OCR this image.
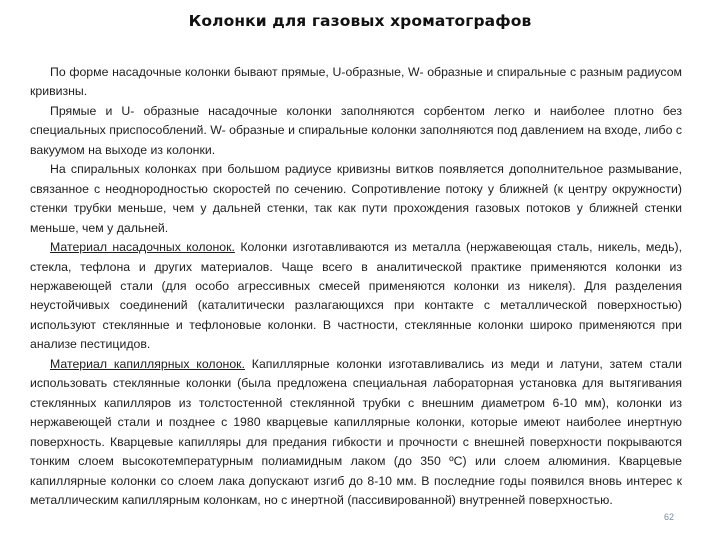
Колонки для газовых хроматографов

По форме насадочные колонки бывают прямые, U-образные, W- образные и спиральные с разным радиусом кривизны.

Прямые и U- образные насадочные колонки заполняются сорбентом легко и наиболее плотно без специальных приспособлений. W- образные и спиральные колонки заполняются под давлением на входе, либо с вакуумом на выходе из колонки.

На спиральных колонках при большом радиусе кривизны витков появляется дополнительное размывание, связанное с неоднородностью скоростей по сечению. Сопротивление потоку у ближней (к центру окружности) стенки трубки меньше, чем у дальней стенки, так как пути прохождения газовых потоков у ближней стенки меньше, чем у дальней.

Материал насадочных колонок. Колонки изготавливаются из металла (нержавеющая сталь, никель, медь), стекла, тефлона и других материалов. Чаще всего в аналитической практике применяются колонки из нержавеющей стали (для особо агрессивных смесей применяются колонки из никеля). Для разделения неустойчивых соединений (каталитически разлагающихся при контакте с металлической поверхностью) используют стеклянные и тефлоновые колонки. В частности, стеклянные колонки широко применяются при анализе пестицидов.

Материал капиллярных колонок. Капиллярные колонки изготавливались из меди и латуни, затем стали использовать стеклянные колонки (была предложена специальная лабораторная установка для вытягивания стеклянных капилляров из толстостенной стеклянной трубки с внешним диаметром 6-10 мм), колонки из нержавеющей стали и позднее с 1980 кварцевые капиллярные колонки, которые имеют наиболее инертную поверхность. Кварцевые капилляры для предания гибкости и прочности с внешней поверхности покрываются тонким слоем высокотемпературным полиамидным лаком (до 350 ºС) или слоем алюминия. Кварцевые капиллярные колонки со слоем лака допускают изгиб до 8-10 мм. В последние годы появился вновь интерес к металлическим капиллярным колонкам, но с инертной (пассивированной) внутренней поверхностью.

62
